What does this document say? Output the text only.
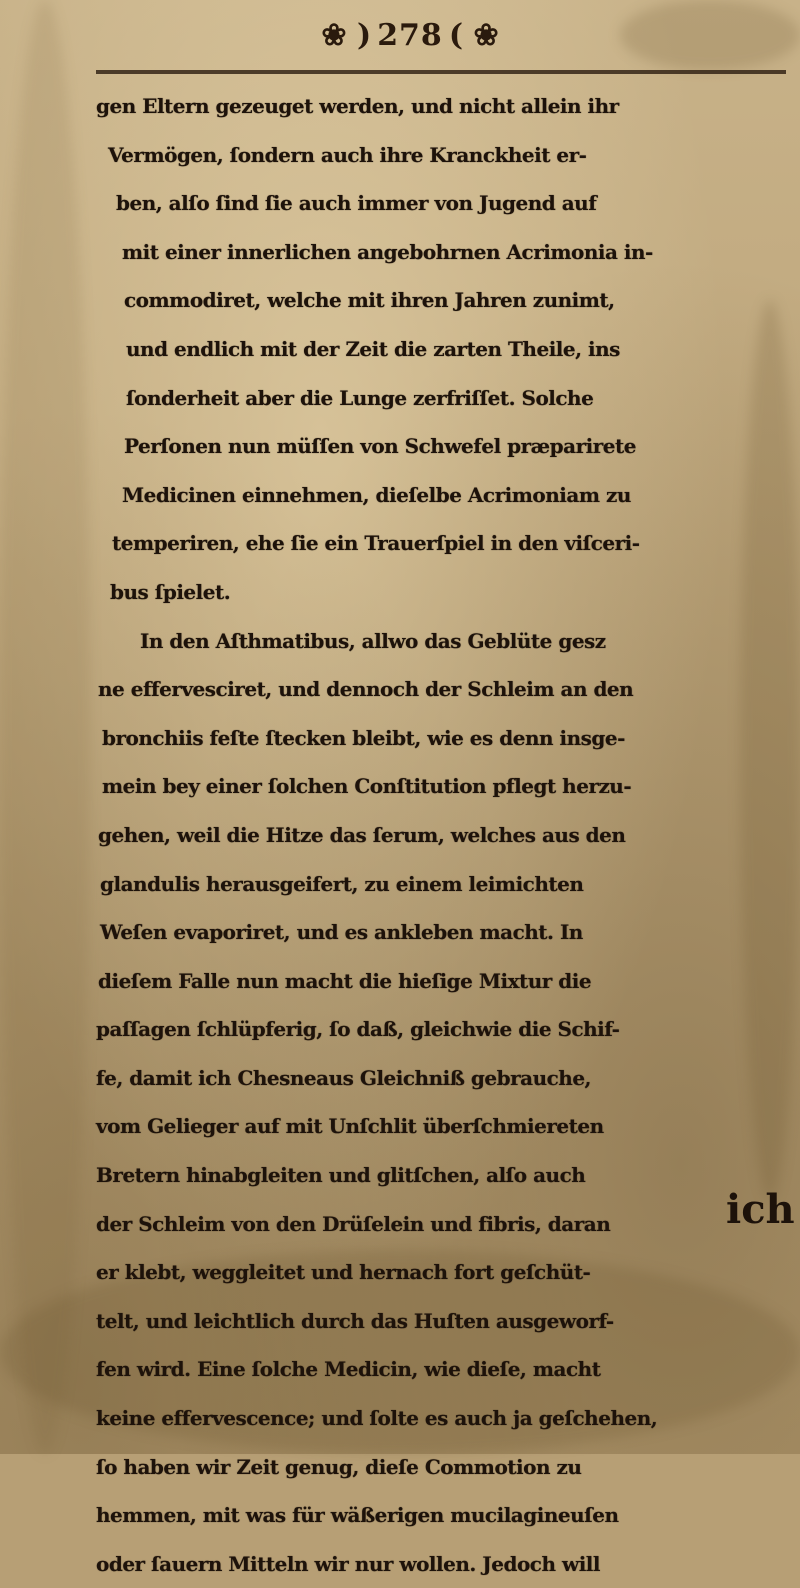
❀ ) 278 ( ❀
gen Eltern gezeuget werden, und nicht allein ihr
Vermögen, ſondern auch ihre Kranckheit er-
ben, alſo ſind ſie auch immer von Jugend auf
mit einer innerlichen angebohrnen Acrimonia in-
commodiret, welche mit ihren Jahren zunimt,
und endlich mit der Zeit die zarten Theile, ins
ſonderheit aber die Lunge zerfriſſet. Solche
Perſonen nun müſſen von Schwefel præparirete
Medicinen einnehmen, dieſelbe Acrimoniam zu
temperiren, ehe ſie ein Trauerſpiel in den viſceri-
bus ſpielet.
In den Aſthmatibus, allwo das Geblüte gesz
ne effervesciret, und dennoch der Schleim an den
bronchiis feſte ſtecken bleibt, wie es denn insge-
mein bey einer ſolchen Conſtitution pflegt herzu-
gehen, weil die Hitze das ſerum, welches aus den
glandulis herausgeifert, zu einem leimichten
Weſen evaporiret, und es ankleben macht. In
dieſem Falle nun macht die hieſige Mixtur die
paſſagen ſchlüpferig, ſo daß, gleichwie die Schif-
fe, damit ich Chesneaus Gleichniß gebrauche,
vom Gelieger auf mit Unſchlit überſchmiereten
Bretern hinabgleiten und glitſchen, alſo auch
der Schleim von den Drüſelein und fibris, daran
er klebt, weggleitet und hernach fort geſchüt-
telt, und leichtlich durch das Huſten ausgeworf-
fen wird. Eine ſolche Medicin, wie dieſe, macht
keine effervescence; und ſolte es auch ja geſchehen,
ſo haben wir Zeit genug, dieſe Commotion zu
hemmen, mit was für wäßerigen mucilagineuſen
oder ſauern Mitteln wir nur wollen. Jedoch will
ich
